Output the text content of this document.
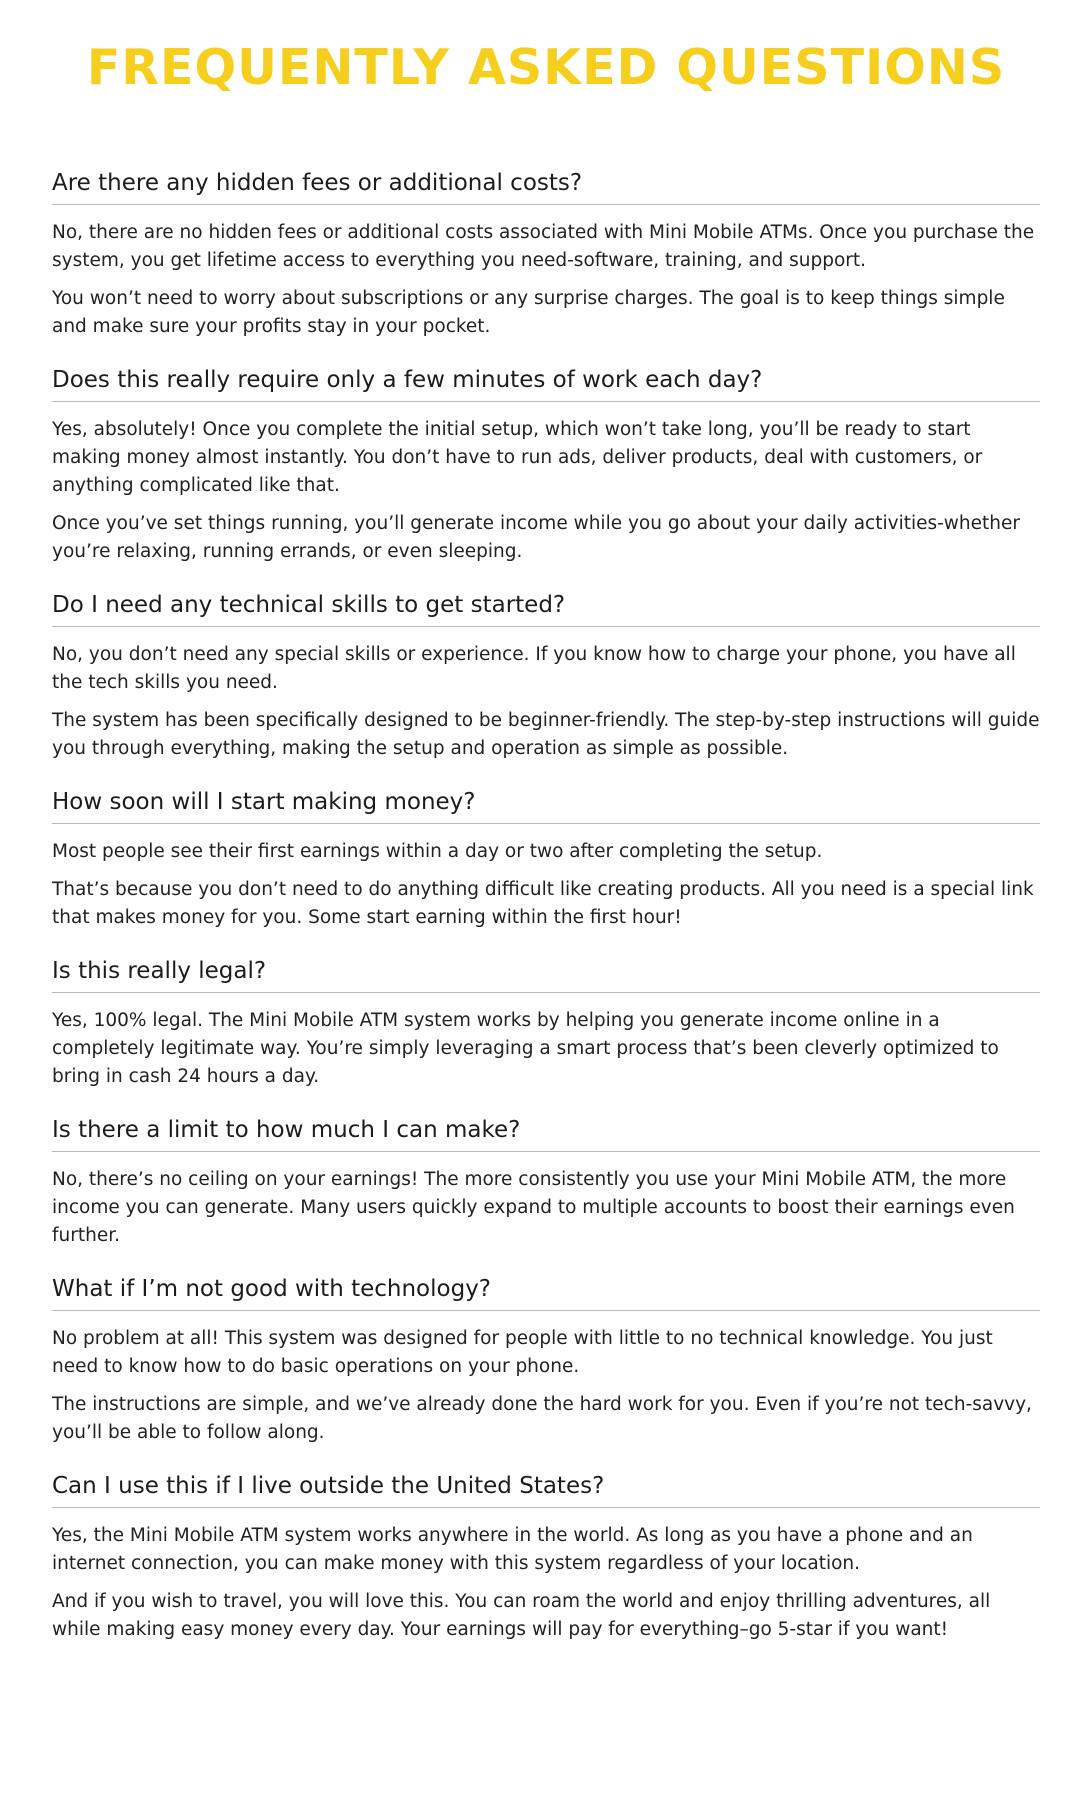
FREQUENTLY ASKED QUESTIONS
Are there any hidden fees or additional costs?

No, there are no hidden fees or additional costs associated with Mini Mobile ATMs. Once you purchase the system, you get lifetime access to everything you need-software, training, and support.

You won’t need to worry about subscriptions or any surprise charges. The goal is to keep things simple and make sure your profits stay in your pocket.

Does this really require only a few minutes of work each day?

Yes, absolutely! Once you complete the initial setup, which won’t take long, you’ll be ready to start making money almost instantly. You don’t have to run ads, deliver products, deal with customers, or anything complicated like that.

Once you’ve set things running, you’ll generate income while you go about your daily activities-whether you’re relaxing, running errands, or even sleeping.

Do I need any technical skills to get started?

No, you don’t need any special skills or experience. If you know how to charge your phone, you have all the tech skills you need.

The system has been specifically designed to be beginner-friendly. The step-by-step instructions will guide you through everything, making the setup and operation as simple as possible.

How soon will I start making money?

Most people see their first earnings within a day or two after completing the setup.

That’s because you don’t need to do anything difficult like creating products. All you need is a special link that makes money for you. Some start earning within the first hour!

Is this really legal?

Yes, 100% legal. The Mini Mobile ATM system works by helping you generate income online in a completely legitimate way. You’re simply leveraging a smart process that’s been cleverly optimized to bring in cash 24 hours a day.

Is there a limit to how much I can make?

No, there’s no ceiling on your earnings! The more consistently you use your Mini Mobile ATM, the more income you can generate. Many users quickly expand to multiple accounts to boost their earnings even further.

What if I’m not good with technology?

No problem at all! This system was designed for people with little to no technical knowledge. You just need to know how to do basic operations on your phone.

The instructions are simple, and we’ve already done the hard work for you. Even if you’re not tech-savvy, you’ll be able to follow along.

Can I use this if I live outside the United States?

Yes, the Mini Mobile ATM system works anywhere in the world. As long as you have a phone and an internet connection, you can make money with this system regardless of your location.

And if you wish to travel, you will love this. You can roam the world and enjoy thrilling adventures, all while making easy money every day. Your earnings will pay for everything–go 5-star if you want!
